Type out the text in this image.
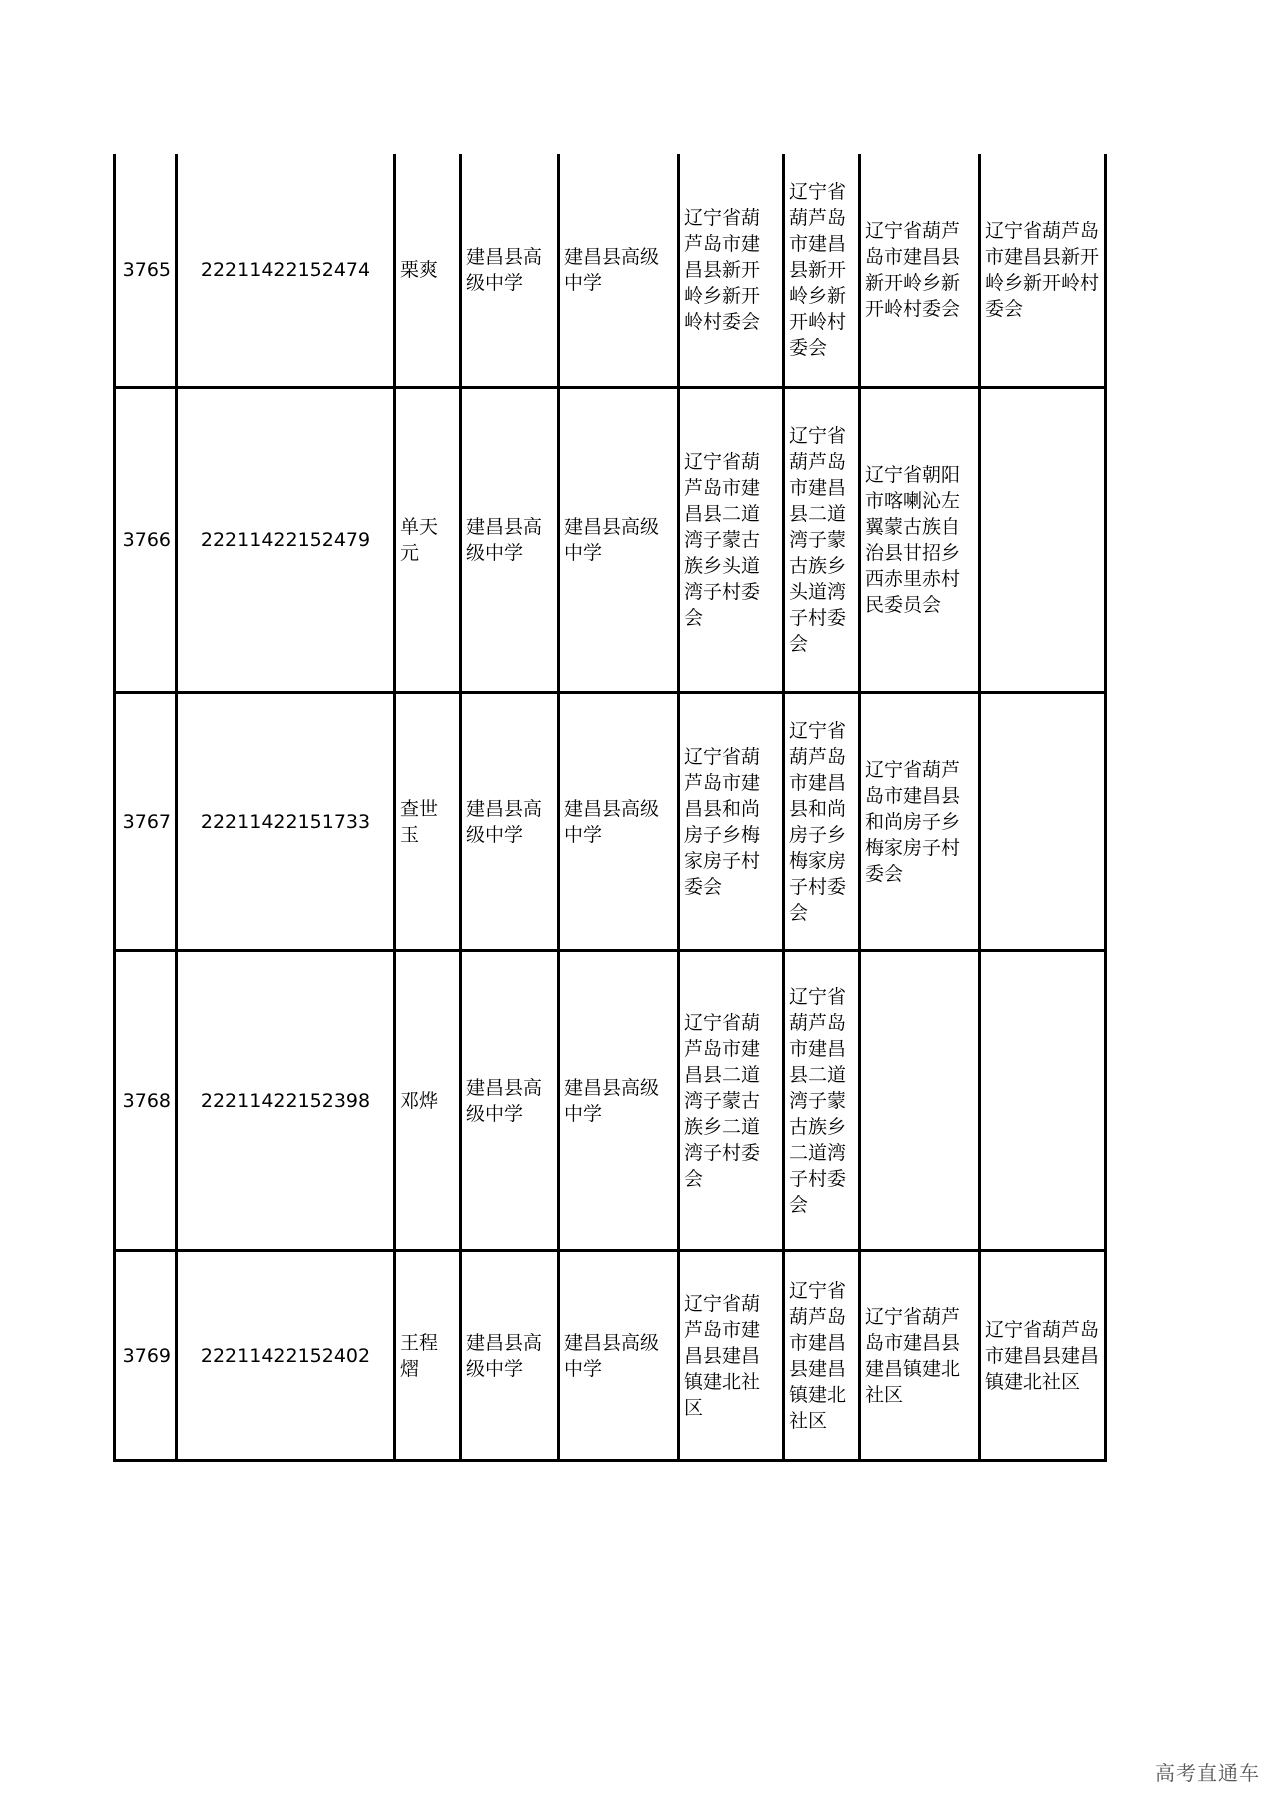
3765	22211422152474	栗爽	建昌县高级中学	建昌县高级中学	辽宁省葫芦岛市建昌县新开岭乡新开岭村委会	辽宁省葫芦岛市建昌县新开岭乡新开岭村委会	辽宁省葫芦岛市建昌县新开岭乡新开岭村委会	辽宁省葫芦岛市建昌县新开岭乡新开岭村委会
3766	22211422152479	单天元	建昌县高级中学	建昌县高级中学	辽宁省葫芦岛市建昌县二道湾子蒙古族乡头道湾子村委会	辽宁省葫芦岛市建昌县二道湾子蒙古族乡头道湾子村委会	辽宁省朝阳市喀喇沁左翼蒙古族自治县甘招乡西赤里赤村民委员会	
3767	22211422151733	查世玉	建昌县高级中学	建昌县高级中学	辽宁省葫芦岛市建昌县和尚房子乡梅家房子村委会	辽宁省葫芦岛市建昌县和尚房子乡梅家房子村委会	辽宁省葫芦岛市建昌县和尚房子乡梅家房子村委会	
3768	22211422152398	邓烨	建昌县高级中学	建昌县高级中学	辽宁省葫芦岛市建昌县二道湾子蒙古族乡二道湾子村委会	辽宁省葫芦岛市建昌县二道湾子蒙古族乡二道湾子村委会		
3769	22211422152402	王程熠	建昌县高级中学	建昌县高级中学	辽宁省葫芦岛市建昌县建昌镇建北社区	辽宁省葫芦岛市建昌县建昌镇建北社区	辽宁省葫芦岛市建昌县建昌镇建北社区	辽宁省葫芦岛市建昌县建昌镇建北社区
高考直通车
